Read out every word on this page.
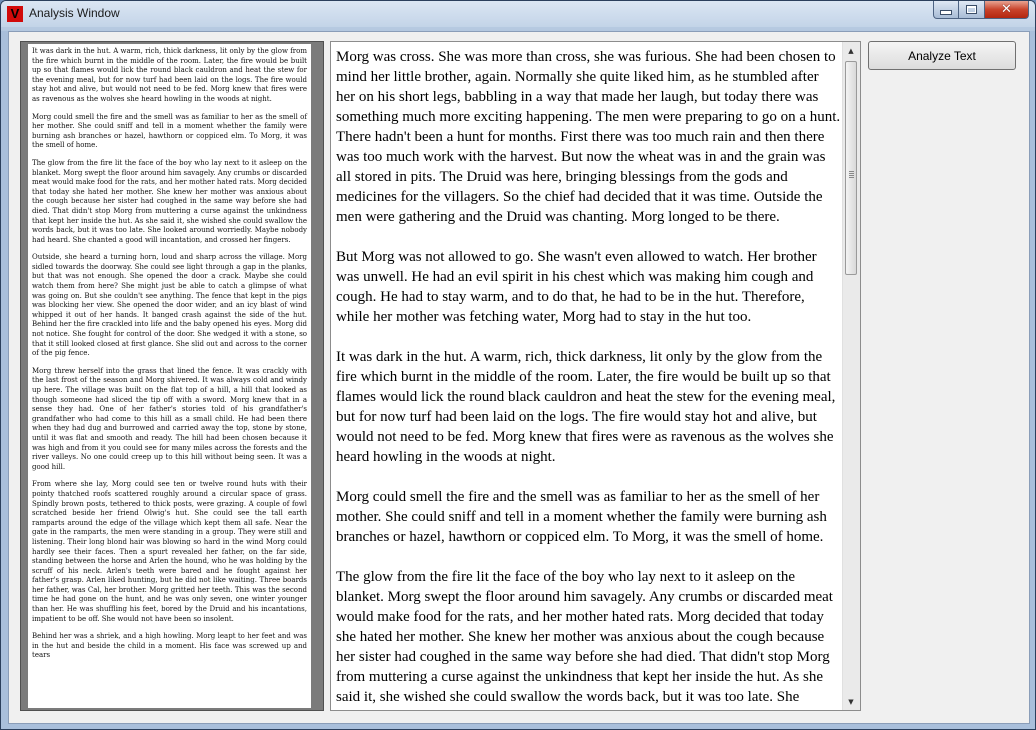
V Analysis Window	✕

It was dark in the hut. A warm, rich, thick darkness, lit only by the glow from the fire which burnt in the middle of the room. Later, the fire would be built up so that flames would lick the round black cauldron and heat the stew for the evening meal, but for now turf had been laid on the logs. The fire would stay hot and alive, but would not need to be fed. Morg knew that fires were as ravenous as the wolves she heard howling in the woods at night.

Morg could smell the fire and the smell was as familiar to her as the smell of her mother. She could sniff and tell in a moment whether the family were burning ash branches or hazel, hawthorn or coppiced elm. To Morg, it was the smell of home.

The glow from the fire lit the face of the boy who lay next to it asleep on the blanket. Morg swept the floor around him savagely. Any crumbs or discarded meat would make food for the rats, and her mother hated rats. Morg decided that today she hated her mother. She knew her mother was anxious about the cough because her sister had coughed in the same way before she had died. That didn't stop Morg from muttering a curse against the unkindness that kept her inside the hut. As she said it, she wished she could swallow the words back, but it was too late. She looked around worriedly. Maybe nobody had heard. She chanted a good will incantation, and crossed her fingers.

Outside, she heard a turning horn, loud and sharp across the village. Morg sidled towards the doorway. She could see light through a gap in the planks, but that was not enough. She opened the door a crack. Maybe she could watch them from here? She might just be able to catch a glimpse of what was going on. But she couldn't see anything. The fence that kept in the pigs was blocking her view. She opened the door wider, and an icy blast of wind whipped it out of her hands. It banged crash against the side of the hut. Behind her the fire crackled into life and the baby opened his eyes. Morg did not notice. She fought for control of the door. She wedged it with a stone, so that it still looked closed at first glance. She slid out and across to the corner of the pig fence.

Morg threw herself into the grass that lined the fence. It was crackly with the last frost of the season and Morg shivered. It was always cold and windy up here. The village was built on the flat top of a hill, a hill that looked as though someone had sliced the tip off with a sword. Morg knew that in a sense they had. One of her father's stories told of his grandfather's grandfather who had come to this hill as a small child. He had been there when they had dug and burrowed and carried away the top, stone by stone, until it was flat and smooth and ready. The hill had been chosen because it was high and from it you could see for many miles across the forests and the river valleys. No one could creep up to this hill without being seen. It was a good hill.

From where she lay, Morg could see ten or twelve round huts with their pointy thatched roofs scattered roughly around a circular space of grass. Spindly brown posts, tethered to thick posts, were grazing. A couple of fowl scratched beside her friend Olwig's hut. She could see the tall earth ramparts around the edge of the village which kept them all safe. Near the gate in the ramparts, the men were standing in a group. They were still and listening. Their long blond hair was blowing so hard in the wind Morg could hardly see their faces. Then a spurt revealed her father, on the far side, standing between the horse and Arlen the hound, who he was holding by the scruff of his neck. Arlen's teeth were bared and he fought against her father's grasp. Arlen liked hunting, but he did not like waiting. Three boards her father, was Cal, her brother. Morg gritted her teeth. This was the second time he had gone on the hunt, and he was only seven, one winter younger than her. He was shuffling his feet, bored by the Druid and his incantations, impatient to be off. She would not have been so insolent.

Behind her was a shriek, and a high howling. Morg leapt to her feet and was in the hut and beside the child in a moment. His face was screwed up and tears

Morg was cross. She was more than cross, she was furious. She had been chosen to mind her little brother, again. Normally she quite liked him, as he stumbled after her on his short legs, babbling in a way that made her laugh, but today there was something much more exciting happening. The men were preparing to go on a hunt. There hadn't been a hunt for months. First there was too much rain and then there was too much work with the harvest. But now the wheat was in and the grain was all stored in pits. The Druid was here, bringing blessings from the gods and medicines for the villagers. So the chief had decided that it was time. Outside the men were gathering and the Druid was chanting. Morg longed to be there.

But Morg was not allowed to go. She wasn't even allowed to watch. Her brother was unwell. He had an evil spirit in his chest which was making him cough and cough. He had to stay warm, and to do that, he had to be in the hut. Therefore, while her mother was fetching water, Morg had to stay in the hut too.

It was dark in the hut. A warm, rich, thick darkness, lit only by the glow from the fire which burnt in the middle of the room. Later, the fire would be built up so that flames would lick the round black cauldron and heat the stew for the evening meal, but for now turf had been laid on the logs. The fire would stay hot and alive, but would not need to be fed. Morg knew that fires were as ravenous as the wolves she heard howling in the woods at night.

Morg could smell the fire and the smell was as familiar to her as the smell of her mother. She could sniff and tell in a moment whether the family were burning ash branches or hazel, hawthorn or coppiced elm. To Morg, it was the smell of home.

The glow from the fire lit the face of the boy who lay next to it asleep on the blanket. Morg swept the floor around him savagely. Any crumbs or discarded meat would make food for the rats, and her mother hated rats. Morg decided that today she hated her mother. She knew her mother was anxious about the cough because her sister had coughed in the same way before she had died. That didn't stop Morg from muttering a curse against the unkindness that kept her inside the hut. As she said it, she wished she could swallow the words back, but it was too late. She

▲
▼
Analyze Text
